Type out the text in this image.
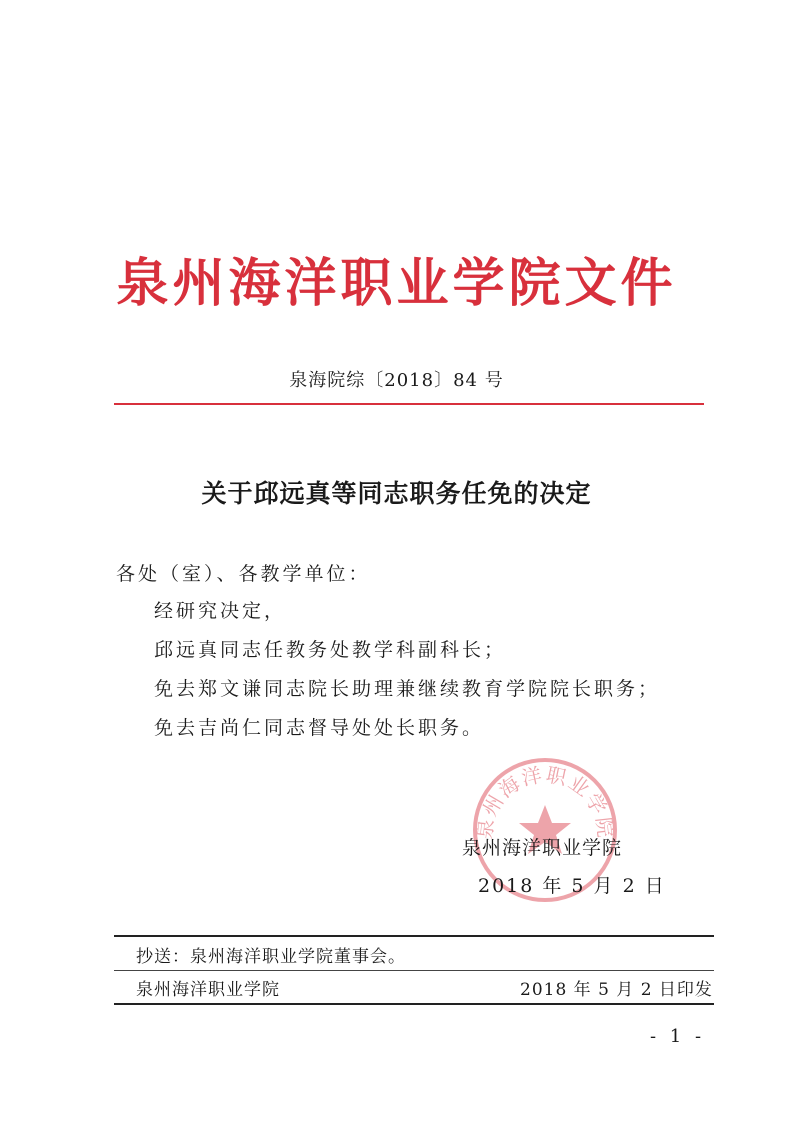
泉州海洋职业学院文件
泉海院综〔2018〕84 号
关于邱远真等同志职务任免的决定
各处（室）、各教学单位：
经研究决定，
邱远真同志任教务处教学科副科长；
免去郑文谦同志院长助理兼继续教育学院院长职务；
免去吉尚仁同志督导处处长职务。
泉州海洋职业学院
泉州海洋职业学院
2018 年 5 月 2 日
抄送：泉州海洋职业学院董事会。
泉州海洋职业学院	2018 年 5 月 2 日印发
- 1 -
